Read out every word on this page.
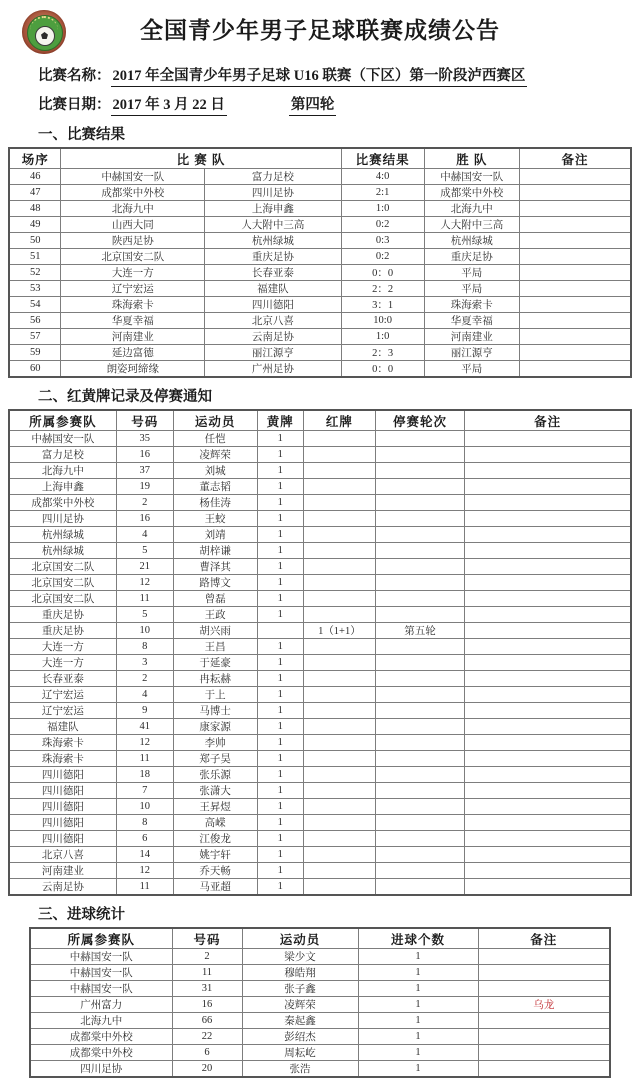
全国青少年男子足球联赛成绩公告
比赛名称： 2017 年全国青少年男子足球 U16 联赛（下区）第一阶段泸西赛区
比赛日期： 2017 年 3 月 22 日	第四轮
一、比赛结果
场序	比 赛 队		比赛结果	胜 队	备注
46	中赫国安一队	富力足校	4:0	中赫国安一队	
47	成都棠中外校	四川足协	2:1	成都棠中外校	
48	北海九中	上海申鑫	1:0	北海九中	
49	山西大同	人大附中三高	0:2	人大附中三高	
50	陕西足协	杭州绿城	0:3	杭州绿城	
51	北京国安二队	重庆足协	0:2	重庆足协	
52	大连一方	长春亚泰	0：0	平局	
53	辽宁宏运	福建队	2：2	平局	
54	珠海索卡	四川德阳	3：1	珠海索卡	
56	华夏幸福	北京八喜	10:0	华夏幸福	
57	河南建业	云南足协	1:0	河南建业	
59	延边富德	丽江源亨	2：3	丽江源亨	
60	朗姿珂缔缘	广州足协	0：0	平局	
二、红黄牌记录及停赛通知
所属参赛队	号码	运动员	黄牌	红牌	停赛轮次	备注
中赫国安一队	35	任恺	1			
富力足校	16	凌辉荣	1			
北海九中	37	刘城	1			
上海申鑫	19	董志韬	1			
成都棠中外校	2	杨佳涛	1			
四川足协	16	王蛟	1			
杭州绿城	4	刘靖	1			
杭州绿城	5	胡梓谦	1			
北京国安二队	21	曹泽其	1			
北京国安二队	12	路博文	1			
北京国安二队	11	曾磊	1			
重庆足协	5	王政	1			
重庆足协	10	胡兴雨		1（1+1）	第五轮	
大连一方	8	王昌	1			
大连一方	3	于延豪	1			
长春亚泰	2	冉耘赫	1			
辽宁宏运	4	于上	1			
辽宁宏运	9	马博士	1			
福建队	41	康家源	1			
珠海索卡	12	李帅	1			
珠海索卡	11	郑子昊	1			
四川德阳	18	张乐源	1			
四川德阳	7	张潇大	1			
四川德阳	10	王昇煜	1			
四川德阳	8	高嵘	1			
四川德阳	6	江俊龙	1			
北京八喜	14	姚宇轩	1			
河南建业	12	乔天畅	1			
云南足协	11	马亚超	1			
三、进球统计
所属参赛队	号码	运动员	进球个数	备注
中赫国安一队	2	梁少文	1	
中赫国安一队	11	穆皓翔	1	
中赫国安一队	31	张子鑫	1	
广州富力	16	凌辉荣	1	乌龙
北海九中	66	秦起鑫	1	
成都棠中外校	22	彭绍杰	1	
成都棠中外校	6	周耘屹	1	
四川足协	20	张浩	1	
